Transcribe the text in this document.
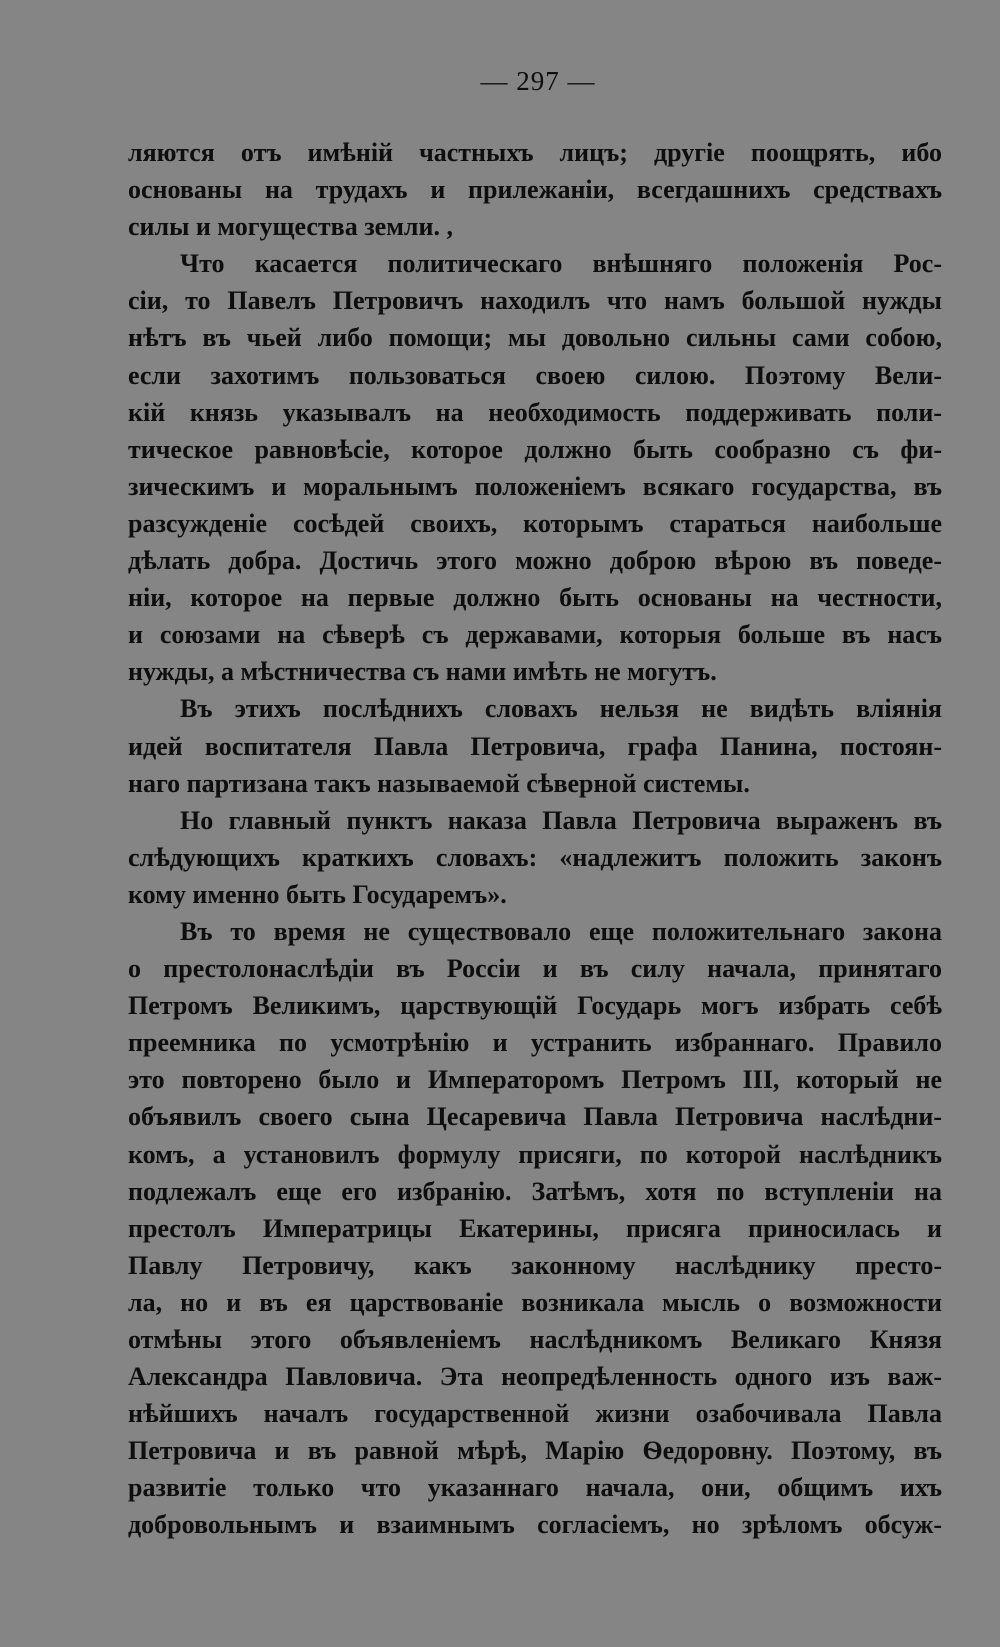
— 297 —
ляются отъ имѣній частныхъ лицъ; другіе поощрять, ибо
основаны на трудахъ и прилежаніи, всегдашнихъ средствахъ
силы и могущества земли. ,
Что касается политическаго внѣшняго положенія Рос-
сіи, то Павелъ Петровичъ находилъ что намъ большой нужды
нѣтъ въ чьей либо помощи; мы довольно сильны сами собою,
если захотимъ пользоваться своею силою. Поэтому Вели-
кій князь указывалъ на необходимость поддерживать поли-
тическое равновѣсіе, которое должно быть сообразно съ фи-
зическимъ и моральнымъ положеніемъ всякаго государства, въ
разсужденіе сосѣдей своихъ, которымъ стараться наибольше
дѣлать добра. Достичь этого можно доброю вѣрою въ поведе-
ніи, которое на первые должно быть основаны на честности,
и союзами на сѣверѣ съ державами, которыя больше въ насъ
нужды, а мѣстничества съ нами имѣть не могутъ.
Въ этихъ послѣднихъ словахъ нельзя не видѣть вліянія
идей воспитателя Павла Петровича, графа Панина, постоян-
наго партизана такъ называемой сѣверной системы.
Но главный пунктъ наказа Павла Петровича выраженъ въ
слѣдующихъ краткихъ словахъ: «надлежитъ положить законъ
кому именно быть Государемъ».
Въ то время не существовало еще положительнаго закона
о престолонаслѣдіи въ Россіи и въ силу начала, принятаго
Петромъ Великимъ, царствующій Государь могъ избрать себѣ
преемника по усмотрѣнію и устранить избраннаго. Правило
это повторено было и Императоромъ Петромъ III, который не
объявилъ своего сына Цесаревича Павла Петровича наслѣдни-
комъ, а установилъ формулу присяги, по которой наслѣдникъ
подлежалъ еще его избранію. Затѣмъ, хотя по вступленіи на
престолъ Императрицы Екатерины, присяга приносилась и
Павлу Петровичу, какъ законному наслѣднику престо-
ла, но и въ ея царствованіе возникала мысль о возможности
отмѣны этого объявленіемъ наслѣдникомъ Великаго Князя
Александра Павловича. Эта неопредѣленность одного изъ важ-
нѣйшихъ началъ государственной жизни озабочивала Павла
Петровича и въ равной мѣрѣ, Марію Ѳедоровну. Поэтому, въ
развитіе только что указаннаго начала, они, общимъ ихъ
добровольнымъ и взаимнымъ согласіемъ, но зрѣломъ обсуж-
